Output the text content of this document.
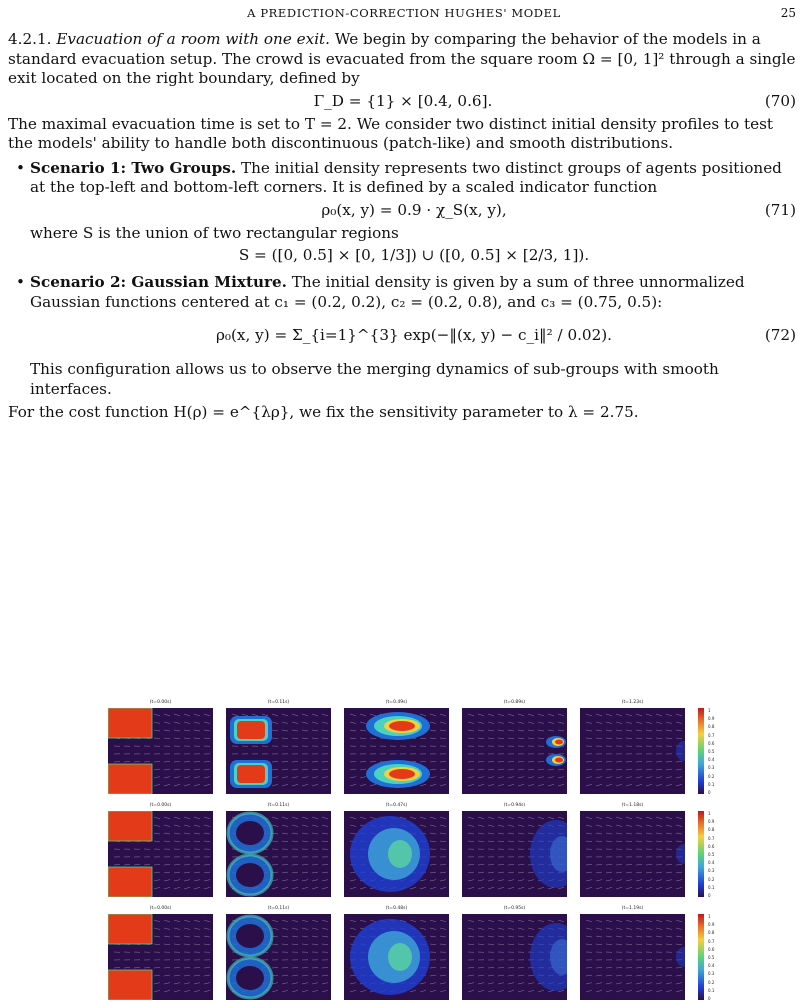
A PREDICTION-CORRECTION HUGHES' MODEL	25

4.2.1. Evacuation of a room with one exit. We begin by comparing the behavior of the models in a standard evacuation setup. The crowd is evacuated from the square room Ω = [0, 1]² through a single exit located on the right boundary, defined by

Γ_D = {1} × [0.4, 0.6].	(70)

The maximal evacuation time is set to T = 2. We consider two distinct initial density profiles to test the models' ability to handle both discontinuous (patch-like) and smooth distributions.

• Scenario 1: Two Groups. The initial density represents two distinct groups of agents positioned at the top-left and bottom-left corners. It is defined by a scaled indicator function
ρ₀(x, y) = 0.9 · χ_S(x, y),	(71)
where S is the union of two rectangular regions
S = ([0, 0.5] × [0, 1/3]) ∪ ([0, 0.5] × [2/3, 1]).
• Scenario 2: Gaussian Mixture. The initial density is given by a sum of three unnormalized Gaussian functions centered at c₁ = (0.2, 0.2), c₂ = (0.2, 0.8), and c₃ = (0.75, 0.5):
ρ₀(x, y) = Σ_{i=1}^{3} exp(−‖(x, y) − c_i‖² / 0.02).	(72)
This configuration allows us to observe the merging dynamics of sub-groups with smooth interfaces.

For the cost function H(ρ) = e^{λρ}, we fix the sensitivity parameter to λ = 2.75.

(t=0.00s)	(t=0.11s)	(t=0.49s)	(t=0.89s)	(t=1.23s)
(t=0.00s)	(t=0.11s)	(t=0.47s)	(t=0.94s)	(t=1.18s)
(t=0.00s)	(t=0.11s)	(t=0.48s)	(t=0.95s)	(t=1.19s)
1
0.9
0.8
0.7
0.6
0.5
0.4
0.3
0.2
0.1
0
1
0.9
0.8
0.7
0.6
0.5
0.4
0.3
0.2
0.1
0
1
0.9
0.8
0.7
0.6
0.5
0.4
0.3
0.2
0.1
0
